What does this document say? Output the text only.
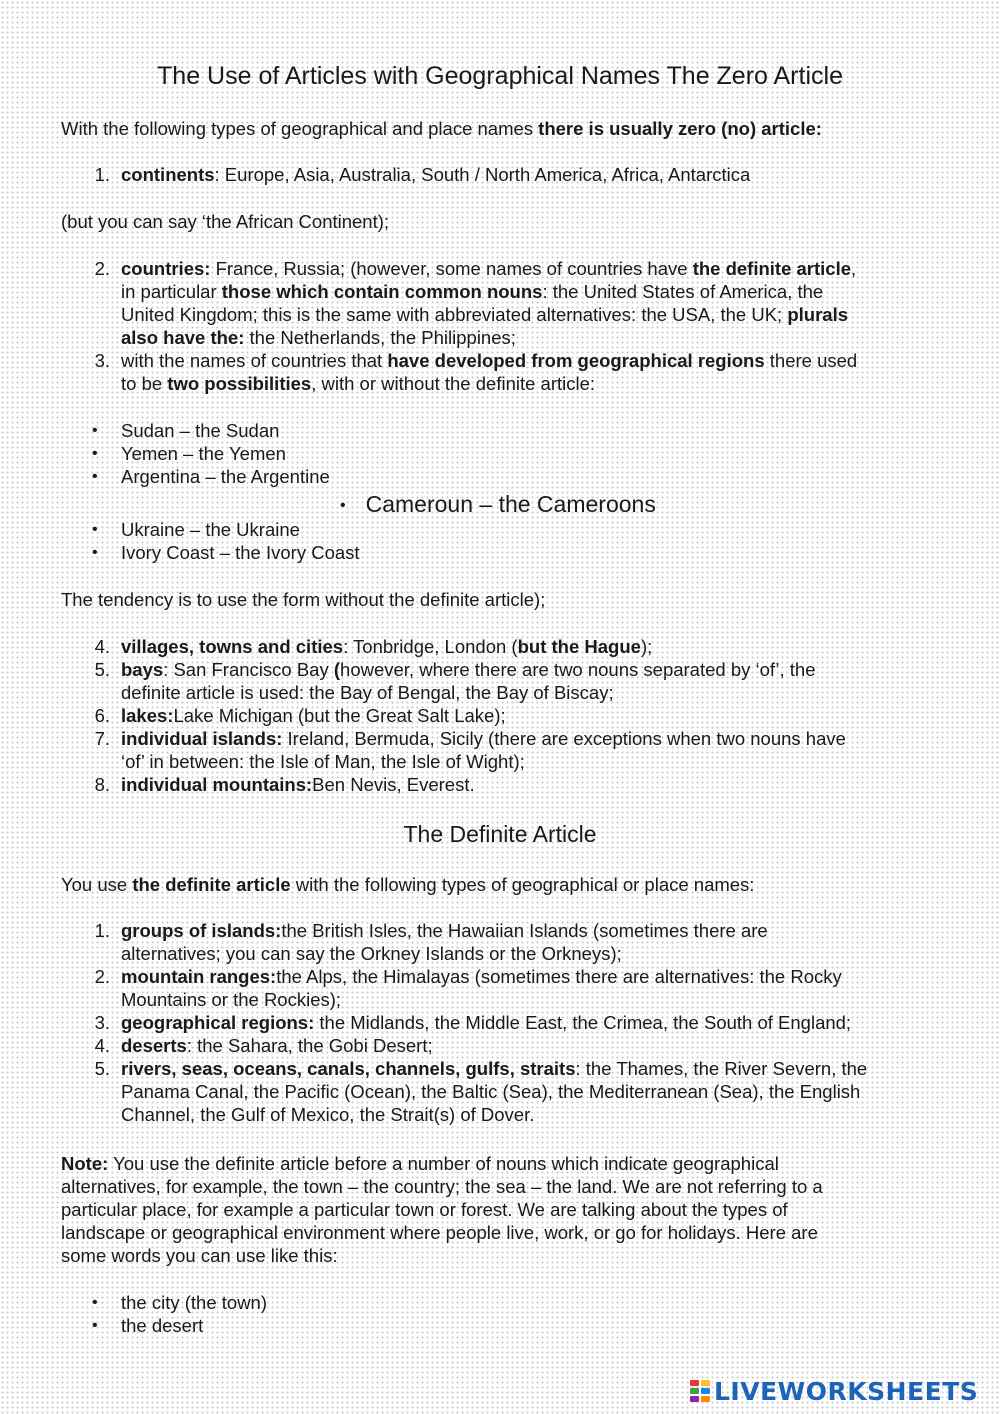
The Use of Articles with Geographical Names The Zero Article
With the following types of geographical and place names there is usually zero (no) article:
1. continents: Europe, Asia, Australia, South / North America, Africa, Antarctica
(but you can say ‘the African Continent);
2. countries: France, Russia; (however, some names of countries have the definite article,
in particular those which contain common nouns: the United States of America, the
United Kingdom; this is the same with abbreviated alternatives: the USA, the UK; plurals
also have the: the Netherlands, the Philippines;
3. with the names of countries that have developed from geographical regions there used
to be two possibilities, with or without the definite article:
• Sudan – the Sudan
• Yemen – the Yemen
• Argentina – the Argentine
• Cameroun – the Cameroons
• Ukraine – the Ukraine
• Ivory Coast – the Ivory Coast
The tendency is to use the form without the definite article);
4. villages, towns and cities: Tonbridge, London (but the Hague);
5. bays: San Francisco Bay (however, where there are two nouns separated by ‘of’, the
definite article is used: the Bay of Bengal, the Bay of Biscay;
6. lakes:Lake Michigan (but the Great Salt Lake);
7. individual islands: Ireland, Bermuda, Sicily (there are exceptions when two nouns have
‘of’ in between: the Isle of Man, the Isle of Wight);
8. individual mountains:Ben Nevis, Everest.
The Definite Article
You use the definite article with the following types of geographical or place names:
1. groups of islands:the British Isles, the Hawaiian Islands (sometimes there are
alternatives; you can say the Orkney Islands or the Orkneys);
2. mountain ranges:the Alps, the Himalayas (sometimes there are alternatives: the Rocky
Mountains or the Rockies);
3. geographical regions: the Midlands, the Middle East, the Crimea, the South of England;
4. deserts: the Sahara, the Gobi Desert;
5. rivers, seas, oceans, canals, channels, gulfs, straits: the Thames, the River Severn, the
Panama Canal, the Pacific (Ocean), the Baltic (Sea), the Mediterranean (Sea), the English
Channel, the Gulf of Mexico, the Strait(s) of Dover.
Note: You use the definite article before a number of nouns which indicate geographical
alternatives, for example, the town – the country; the sea – the land. We are not referring to a
particular place, for example a particular town or forest. We are talking about the types of
landscape or geographical environment where people live, work, or go for holidays. Here are
some words you can use like this:
• the city (the town)
• the desert
LIVEWORKSHEETS
